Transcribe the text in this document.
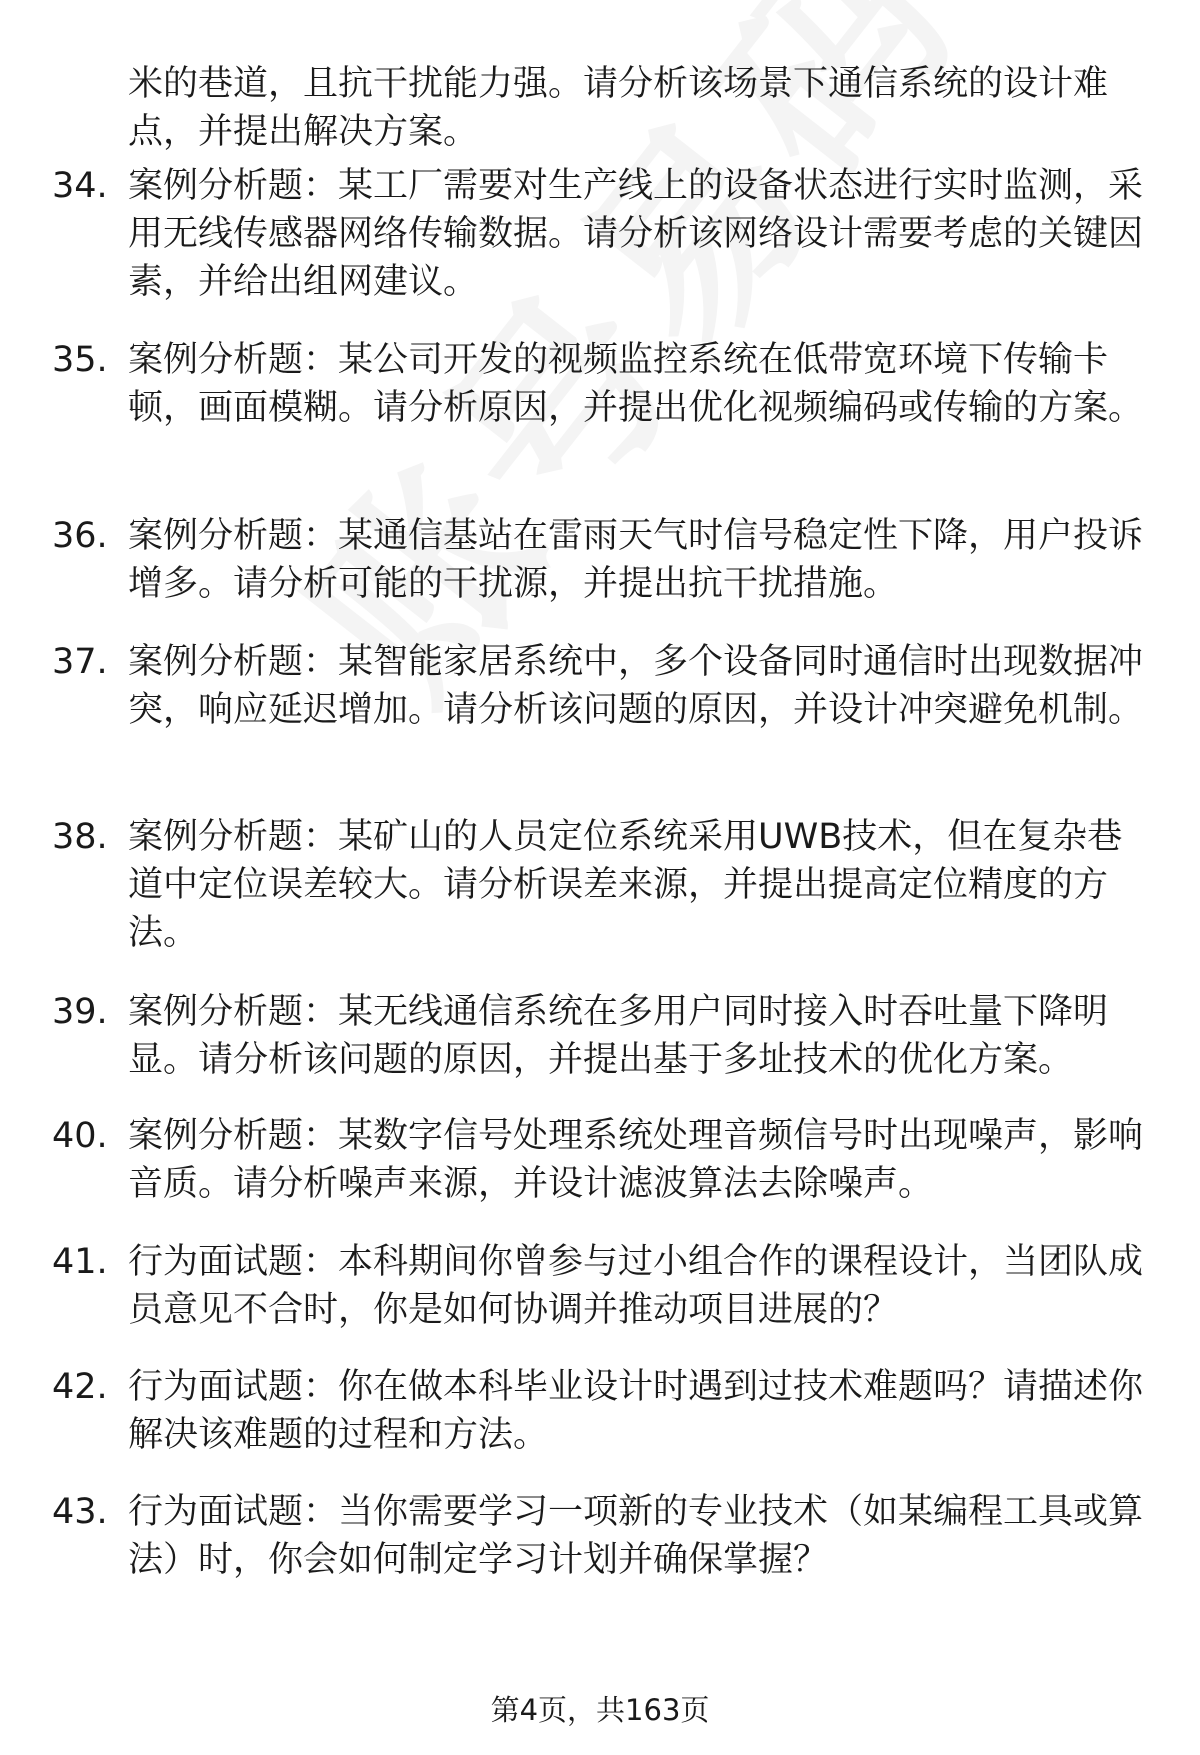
米的巷道，且抗干扰能力强。请分析该场景下通信系统的设计难点，并提出解决方案。
34. 案例分析题：某工厂需要对生产线上的设备状态进行实时监测，采用无线传感器网络传输数据。请分析该网络设计需要考虑的关键因素，并给出组网建议。
35. 案例分析题：某公司开发的视频监控系统在低带宽环境下传输卡顿，画面模糊。请分析原因，并提出优化视频编码或传输的方案。
36. 案例分析题：某通信基站在雷雨天气时信号稳定性下降，用户投诉增多。请分析可能的干扰源，并提出抗干扰措施。
37. 案例分析题：某智能家居系统中，多个设备同时通信时出现数据冲突，响应延迟增加。请分析该问题的原因，并设计冲突避免机制。
38. 案例分析题：某矿山的人员定位系统采用UWB技术，但在复杂巷道中定位误差较大。请分析误差来源，并提出提高定位精度的方法。
39. 案例分析题：某无线通信系统在多用户同时接入时吞吐量下降明显。请分析该问题的原因，并提出基于多址技术的优化方案。
40. 案例分析题：某数字信号处理系统处理音频信号时出现噪声，影响音质。请分析噪声来源，并设计滤波算法去除噪声。
41. 行为面试题：本科期间你曾参与过小组合作的课程设计，当团队成员意见不合时，你是如何协调并推动项目进展的？
42. 行为面试题：你在做本科毕业设计时遇到过技术难题吗？请描述你解决该难题的过程和方法。
43. 行为面试题：当你需要学习一项新的专业技术（如某编程工具或算法）时，你会如何制定学习计划并确保掌握？
第4页，共163页
